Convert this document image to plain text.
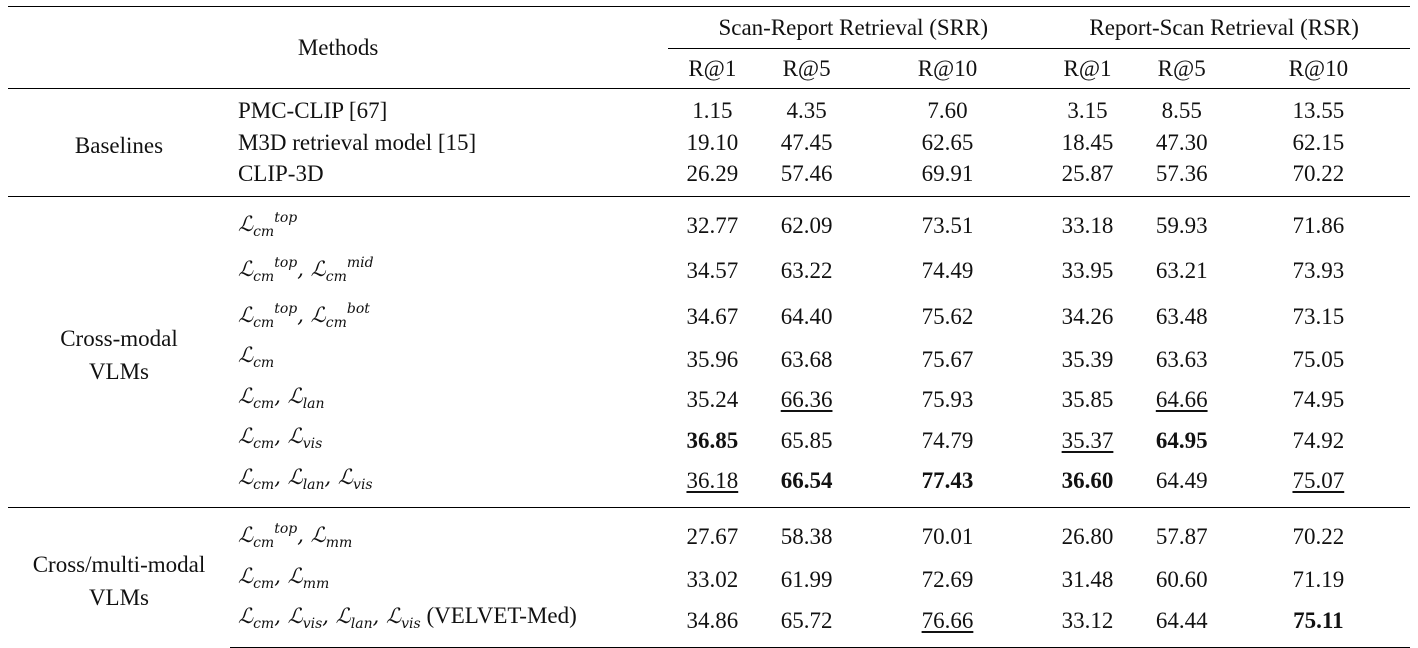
Methods		Scan-Report Retrieval (SRR)			Report-Scan Retrieval (RSR)		
		R@1	R@5	R@10	R@1	R@5	R@10
Baselines	PMC-CLIP [67]	1.15	4.35	7.60	3.15	8.55	13.55
	M3D retrieval model [15]	19.10	47.45	62.65	18.45	47.30	62.15
	CLIP-3D	26.29	57.46	69.91	25.87	57.36	70.22

Cross-modal
VLMs	ℒ$_{cm}^{top}$	32.77	62.09	73.51	33.18	59.93	71.86
	ℒ$_{cm}^{top}$, ℒ$_{cm}^{mid}$	34.57	63.22	74.49	33.95	63.21	73.93
	ℒ$_{cm}^{top}$, ℒ$_{cm}^{bot}$	34.67	64.40	75.62	34.26	63.48	73.15
	ℒ$_{cm}$	35.96	63.68	75.67	35.39	63.63	75.05
	ℒ$_{cm}$, ℒ$_{lan}$	35.24	66.36	75.93	35.85	64.66	74.95
	ℒ$_{cm}$, ℒ$_{vis}$	36.85	65.85	74.79	35.37	64.95	74.92
	ℒ$_{cm}$, ℒ$_{lan}$, ℒ$_{vis}$	36.18	66.54	77.43	36.60	64.49	75.07

Cross/multi-modal
VLMs	ℒ$_{cm}^{top}$, ℒ$_{mm}$	27.67	58.38	70.01	26.80	57.87	70.22
	ℒ$_{cm}$, ℒ$_{mm}$	33.02	61.99	72.69	31.48	60.60	71.19
	ℒ$_{cm}$, ℒ$_{vis}$, ℒ$_{lan}$, ℒ$_{vis}$ (VELVET-Med)	34.86	65.72	76.66	33.12	64.44	75.11
